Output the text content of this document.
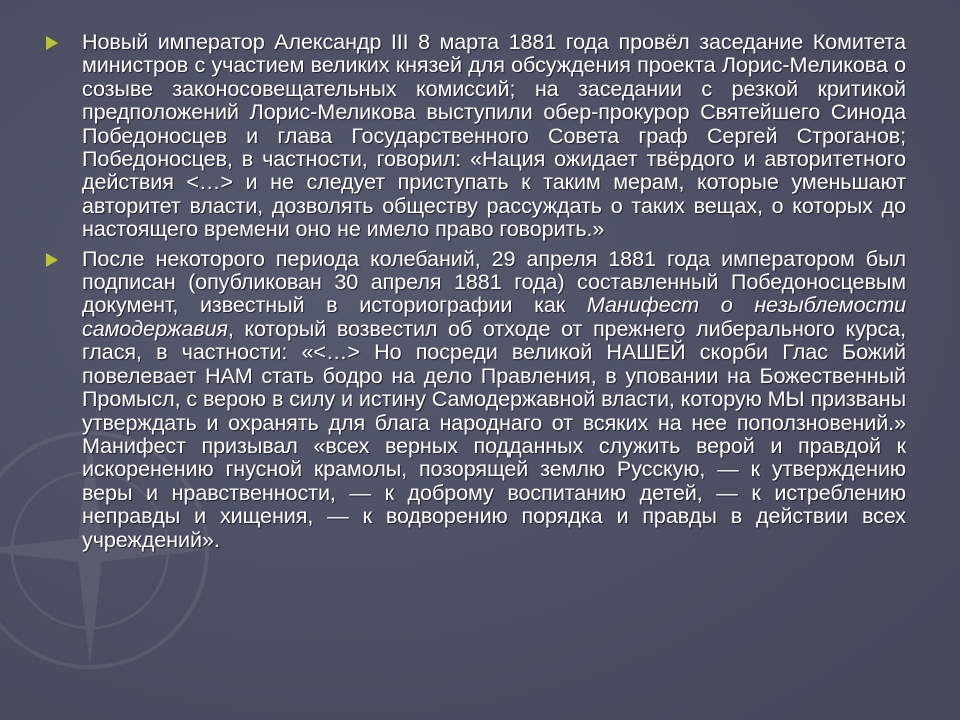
Новый император Александр III 8 марта 1881 года провёл заседание Комитета министров с участием великих князей для обсуждения проекта Лорис-Меликова о созыве законосовещательных комиссий; на заседании с резкой критикой предположений Лорис-Меликова выступили обер-прокурор Святейшего Синода Победоносцев и глава Государственного Совета граф Сергей Строганов; Победоносцев, в частности, говорил: «Нация ожидает твёрдого и авторитетного действия <…> и не следует приступать к таким мерам, которые уменьшают авторитет власти, дозволять обществу рассуждать о таких вещах, о которых до настоящего времени оно не имело право говорить.»
После некоторого периода колебаний, 29 апреля 1881 года императором был подписан (опубликован 30 апреля 1881 года) составленный Победоносцевым документ, известный в историографии как Манифест о незыблемости самодержавия, который возвестил об отходе от прежнего либерального курса, глася, в частности: «<…> Но посреди великой НАШЕЙ скорби Глас Божий повелевает НАМ стать бодро на дело Правления, в уповании на Божественный Промысл, с верою в силу и истину Самодержавной власти, которую МЫ призваны утверждать и охранять для блага народнаго от всяких на нее поползновений.» Манифест призывал «всех верных подданных служить верой и правдой к искоренению гнусной крамолы, позорящей землю Русскую, — к утверждению веры и нравственности, — к доброму воспитанию детей, — к истреблению неправды и хищения, — к водворению порядка и правды в действии всех учреждений».
